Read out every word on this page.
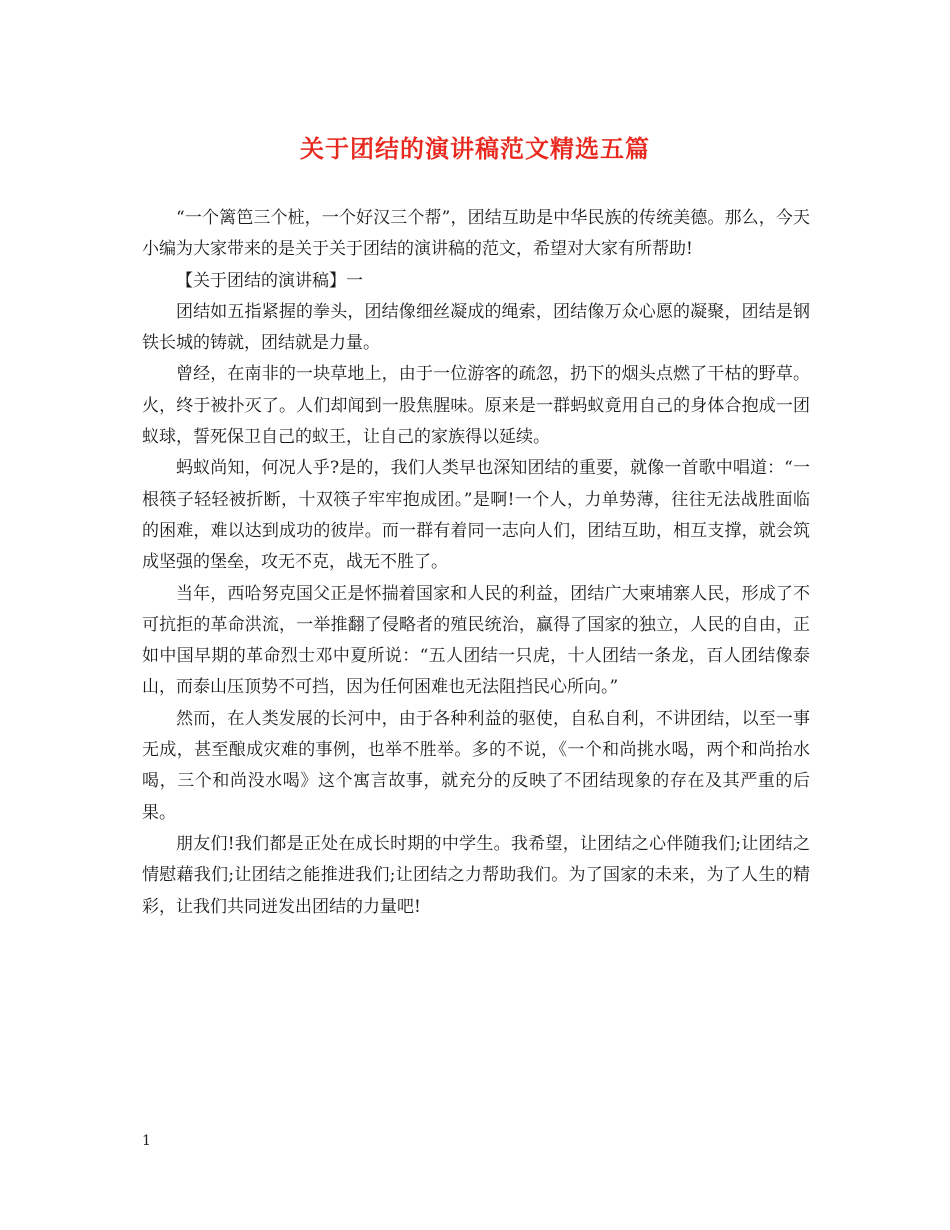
关于团结的演讲稿范文精选五篇

“一个篱笆三个桩，一个好汉三个帮”，团结互助是中华民族的传统美德。那么，今天小编为大家带来的是关于关于团结的演讲稿的范文，希望对大家有所帮助!

【关于团结的演讲稿】一

团结如五指紧握的拳头，团结像细丝凝成的绳索，团结像万众心愿的凝聚，团结是钢铁长城的铸就，团结就是力量。

曾经，在南非的一块草地上，由于一位游客的疏忽，扔下的烟头点燃了干枯的野草。火，终于被扑灭了。人们却闻到一股焦腥味。原来是一群蚂蚁竟用自己的身体合抱成一团蚁球，誓死保卫自己的蚁王，让自己的家族得以延续。

蚂蚁尚知，何况人乎?是的，我们人类早也深知团结的重要，就像一首歌中唱道：“一根筷子轻轻被折断，十双筷子牢牢抱成团。”是啊!一个人，力单势薄，往往无法战胜面临的困难，难以达到成功的彼岸。而一群有着同一志向人们，团结互助，相互支撑，就会筑成坚强的堡垒，攻无不克，战无不胜了。

当年，西哈努克国父正是怀揣着国家和人民的利益，团结广大柬埔寨人民，形成了不可抗拒的革命洪流，一举推翻了侵略者的殖民统治，赢得了国家的独立，人民的自由，正如中国早期的革命烈士邓中夏所说：“五人团结一只虎，十人团结一条龙，百人团结像泰山，而泰山压顶势不可挡，因为任何困难也无法阻挡民心所向。”

然而，在人类发展的长河中，由于各种利益的驱使，自私自利，不讲团结，以至一事无成，甚至酿成灾难的事例，也举不胜举。多的不说，《一个和尚挑水喝，两个和尚抬水喝，三个和尚没水喝》这个寓言故事，就充分的反映了不团结现象的存在及其严重的后果。

朋友们!我们都是正处在成长时期的中学生。我希望，让团结之心伴随我们;让团结之情慰藉我们;让团结之能推进我们;让团结之力帮助我们。为了国家的未来，为了人生的精彩，让我们共同迸发出团结的力量吧!

1
